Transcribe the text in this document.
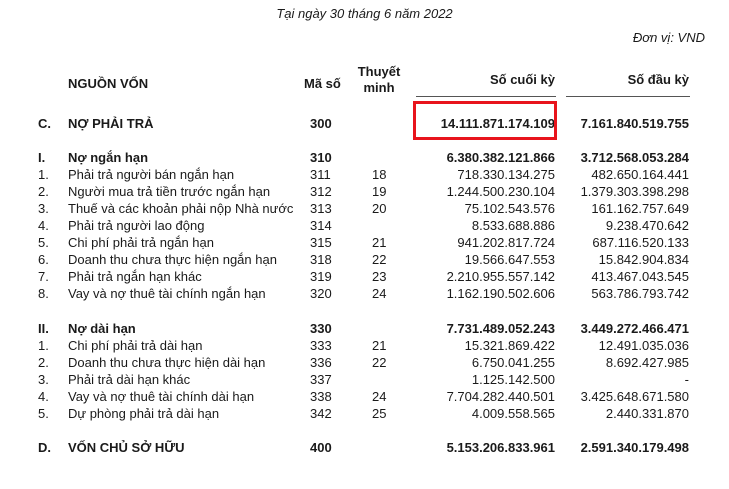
Tại ngày 30 tháng 6 năm 2022
Đơn vị: VND
NGUỒN VỐN	Mã số
Thuyết minh
Số cuối kỳ	Số đầu kỳ
C. NỢ PHẢI TRẢ	300	14.111.871.174.109 7.161.840.519.755
I. Nợ ngắn hạn	310	6.380.382.121.866 3.712.568.053.284
1. Phải trả người bán ngắn hạn	311	18	718.330.134.275	482.650.164.441
2. Người mua trả tiền trước ngắn hạn	312	19	1.244.500.230.104 1.379.303.398.298
3. Thuế và các khoản phải nộp Nhà nước 313	20	75.102.543.576	161.162.757.649
4. Phải trả người lao động	314	8.533.688.886	9.238.470.642
5. Chi phí phải trả ngắn hạn	315	21	941.202.817.724	687.116.520.133
6. Doanh thu chưa thực hiện ngắn hạn	318	22	19.566.647.553	15.842.904.834
7. Phải trả ngắn hạn khác	319	23	2.210.955.557.142	413.467.043.545
8. Vay và nợ thuê tài chính ngắn hạn	320	24	1.162.190.502.606	563.786.793.742
II. Nợ dài hạn	330	7.731.489.052.243 3.449.272.466.471
1. Chi phí phải trả dài hạn	333	21	15.321.869.422	12.491.035.036
2. Doanh thu chưa thực hiện dài hạn	336	22	6.750.041.255	8.692.427.985
3. Phải trả dài hạn khác	337	1.125.142.500	-
4. Vay và nợ thuê tài chính dài hạn	338	24	7.704.282.440.501 3.425.648.671.580
5. Dự phòng phải trả dài hạn	342	25	4.009.558.565	2.440.331.870
D. VỐN CHỦ SỞ HỮU	400	5.153.206.833.961 2.591.340.179.498
